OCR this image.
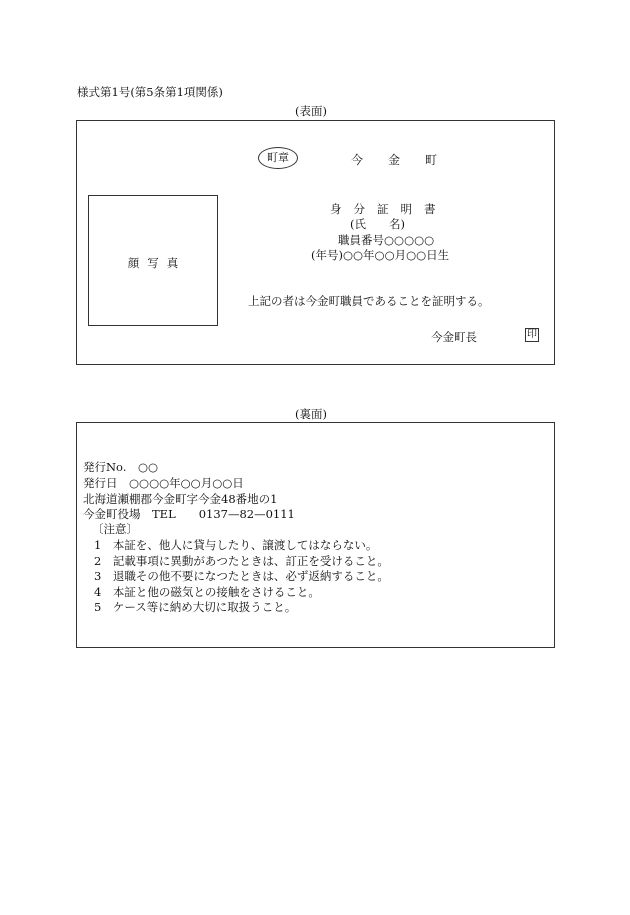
様式第1号(第5条第1項関係)
(表面)
町章	今金町
顔写真
身分証明書
(氏　　名)
職員番号○○○○○
(年号)○○年○○月○○日生
上記の者は今金町職員であることを証明する。
今金町長	印
(裏面)
発行No.　○○
発行日　○○○○年○○月○○日
北海道瀬棚郡今金町字今金48番地の1
今金町役場　TEL　　0137—82—0111
〔注意〕
1　本証を、他人に貸与したり、譲渡してはならない。
2　記載事項に異動があつたときは、訂正を受けること。
3　退職その他不要になつたときは、必ず返納すること。
4　本証と他の磁気との接触をさけること。
5　ケース等に納め大切に取扱うこと。
